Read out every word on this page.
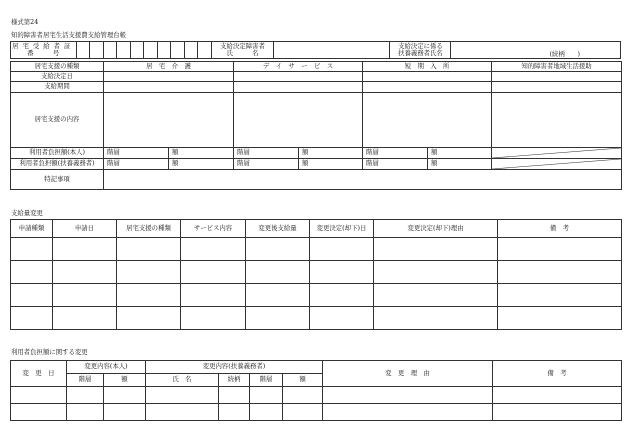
様式第24
知的障害者居宅生活支援費支給管理台帳
居宅受給者証
番　　　号

支給決定障害者
氏　　　名

支給決定に係る
扶養義務者氏名	(続柄　　)
居宅支援の種類	居　宅　介　護		デ　イ　サ　ー　ビ　ス		短　期　入　所		知的障害者地域生活援助
支給決定日							
支給期間							
居宅支援の内容							
利用者負担額(本人)	階層	額	階層	額	階層	額	

利用者負担額(扶養義務者)	階層	額	階層	額	階層	額	

特記事項							
支給量変更
申請種類	申請日	居宅支援の種類	サービス内容	変更後支給量	変更決定(却下)日	変更決定(却下)理由	備　考

利用者負担額に関する変更
変　更　日	変更内容(本人)		変更内容(扶養義務者)				変　更　理　由	備　考
	階層	額	氏　名	続柄	階層	額		
